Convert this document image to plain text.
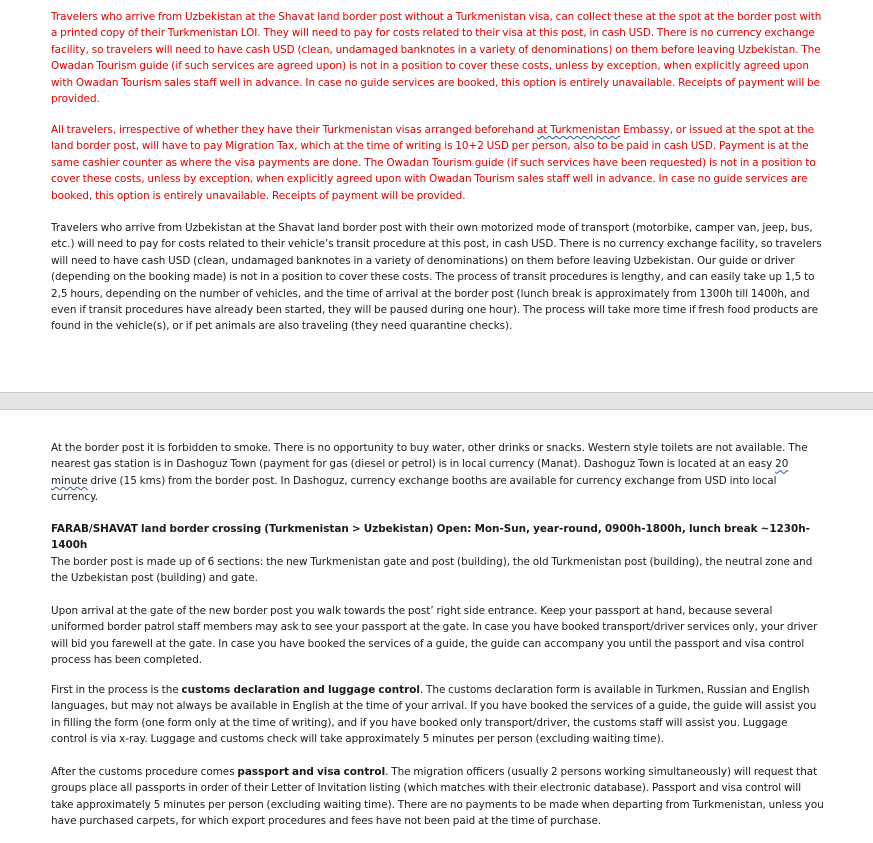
Travelers who arrive from Uzbekistan at the Shavat land border post without a Turkmenistan visa, can collect these at the spot at the border post with a printed copy of their Turkmenistan LOI. They will need to pay for costs related to their visa at this post, in cash USD. There is no currency exchange facility, so travelers will need to have cash USD (clean, undamaged banknotes in a variety of denominations) on them before leaving Uzbekistan. The Owadan Tourism guide (if such services are agreed upon) is not in a position to cover these costs, unless by exception, when explicitly agreed upon with Owadan Tourism sales staff well in advance. In case no guide services are booked, this option is entirely unavailable. Receipts of payment will be provided.

All travelers, irrespective of whether they have their Turkmenistan visas arranged beforehand at Turkmenistan Embassy, or issued at the spot at the land border post, will have to pay Migration Tax, which at the time of writing is 10+2 USD per person, also to be paid in cash USD. Payment is at the same cashier counter as where the visa payments are done. The Owadan Tourism guide (if such services have been requested) is not in a position to cover these costs, unless by exception, when explicitly agreed upon with Owadan Tourism sales staff well in advance. In case no guide services are booked, this option is entirely unavailable. Receipts of payment will be provided.

Travelers who arrive from Uzbekistan at the Shavat land border post with their own motorized mode of transport (motorbike, camper van, jeep, bus, etc.) will need to pay for costs related to their vehicle’s transit procedure at this post, in cash USD. There is no currency exchange facility, so travelers will need to have cash USD (clean, undamaged banknotes in a variety of denominations) on them before leaving Uzbekistan. Our guide or driver (depending on the booking made) is not in a position to cover these costs. The process of transit procedures is lengthy, and can easily take up 1,5 to 2,5 hours, depending on the number of vehicles, and the time of arrival at the border post (lunch break is approximately from 1300h till 1400h, and even if transit procedures have already been started, they will be paused during one hour). The process will take more time if fresh food products are found in the vehicle(s), or if pet animals are also traveling (they need quarantine checks).

At the border post it is forbidden to smoke. There is no opportunity to buy water, other drinks or snacks. Western style toilets are not available. The nearest gas station is in Dashoguz Town (payment for gas (diesel or petrol) is in local currency (Manat). Dashoguz Town is located at an easy 20 minute drive (15 kms) from the border post. In Dashoguz, currency exchange booths are available for currency exchange from USD into local currency.

FARAB/SHAVAT land border crossing (Turkmenistan > Uzbekistan) Open: Mon-Sun, year-round, 0900h-1800h, lunch break ~1230h-1400h

The border post is made up of 6 sections: the new Turkmenistan gate and post (building), the old Turkmenistan post (building), the neutral zone and the Uzbekistan post (building) and gate.

Upon arrival at the gate of the new border post you walk towards the post’ right side entrance. Keep your passport at hand, because several uniformed border patrol staff members may ask to see your passport at the gate. In case you have booked transport/driver services only, your driver will bid you farewell at the gate. In case you have booked the services of a guide, the guide can accompany you until the passport and visa control process has been completed.

First in the process is the customs declaration and luggage control. The customs declaration form is available in Turkmen, Russian and English languages, but may not always be available in English at the time of your arrival. If you have booked the services of a guide, the guide will assist you in filling the form (one form only at the time of writing), and if you have booked only transport/driver, the customs staff will assist you. Luggage control is via x-ray. Luggage and customs check will take approximately 5 minutes per person (excluding waiting time).

After the customs procedure comes passport and visa control. The migration officers (usually 2 persons working simultaneously) will request that groups place all passports in order of their Letter of Invitation listing (which matches with their electronic database). Passport and visa control will take approximately 5 minutes per person (excluding waiting time). There are no payments to be made when departing from Turkmenistan, unless you have purchased carpets, for which export procedures and fees have not been paid at the time of purchase.
